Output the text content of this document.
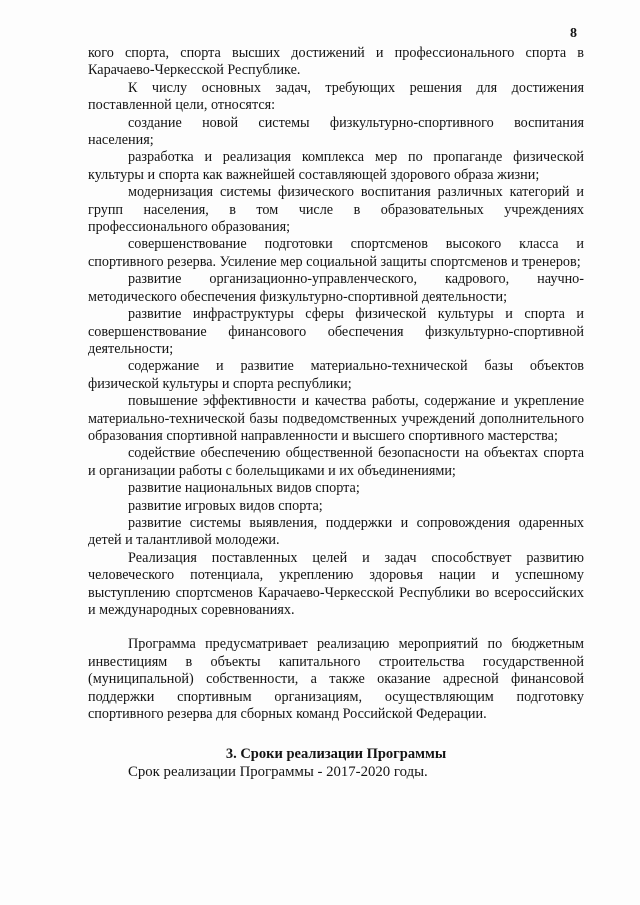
8

кого спорта, спорта высших достижений и профессионального спорта в Карачаево-Черкесской Республике.

К числу основных задач, требующих решения для достижения поставленной цели, относятся:

создание новой системы физкультурно-спортивного воспитания населения;

разработка и реализация комплекса мер по пропаганде физической культуры и спорта как важнейшей составляющей здорового образа жизни;

модернизация системы физического воспитания различных категорий и групп населения, в том числе в образовательных учреждениях профессионального образования;

совершенствование подготовки спортсменов высокого класса и спортивного резерва. Усиление мер социальной защиты спортсменов и тренеров;

развитие организационно-управленческого, кадрового, научно-методического обеспечения физкультурно-спортивной деятельности;

развитие инфраструктуры сферы физической культуры и спорта и совершенствование финансового обеспечения физкультурно-спортивной деятельности;

содержание и развитие материально-технической базы объектов физической культуры и спорта республики;

повышение эффективности и качества работы, содержание и укрепление материально-технической базы подведомственных учреждений дополнительного образования спортивной направленности и высшего спортивного мастерства;

содействие обеспечению общественной безопасности на объектах спорта и организации работы с болельщиками и их объединениями;

развитие национальных видов спорта;

развитие игровых видов спорта;

развитие системы выявления, поддержки и сопровождения одаренных детей и талантливой молодежи.

Реализация поставленных целей и задач способствует развитию человеческого потенциала, укреплению здоровья нации и успешному выступлению спортсменов Карачаево-Черкесской Республики во всероссийских и международных соревнованиях.

Программа предусматривает реализацию мероприятий по бюджетным инвестициям в объекты капитального строительства государственной (муниципальной) собственности, а также оказание адресной финансовой поддержки спортивным организациям, осуществляющим подготовку спортивного резерва для сборных команд Российской Федерации.

3. Сроки реализации Программы

Срок реализации Программы - 2017-2020 годы.
